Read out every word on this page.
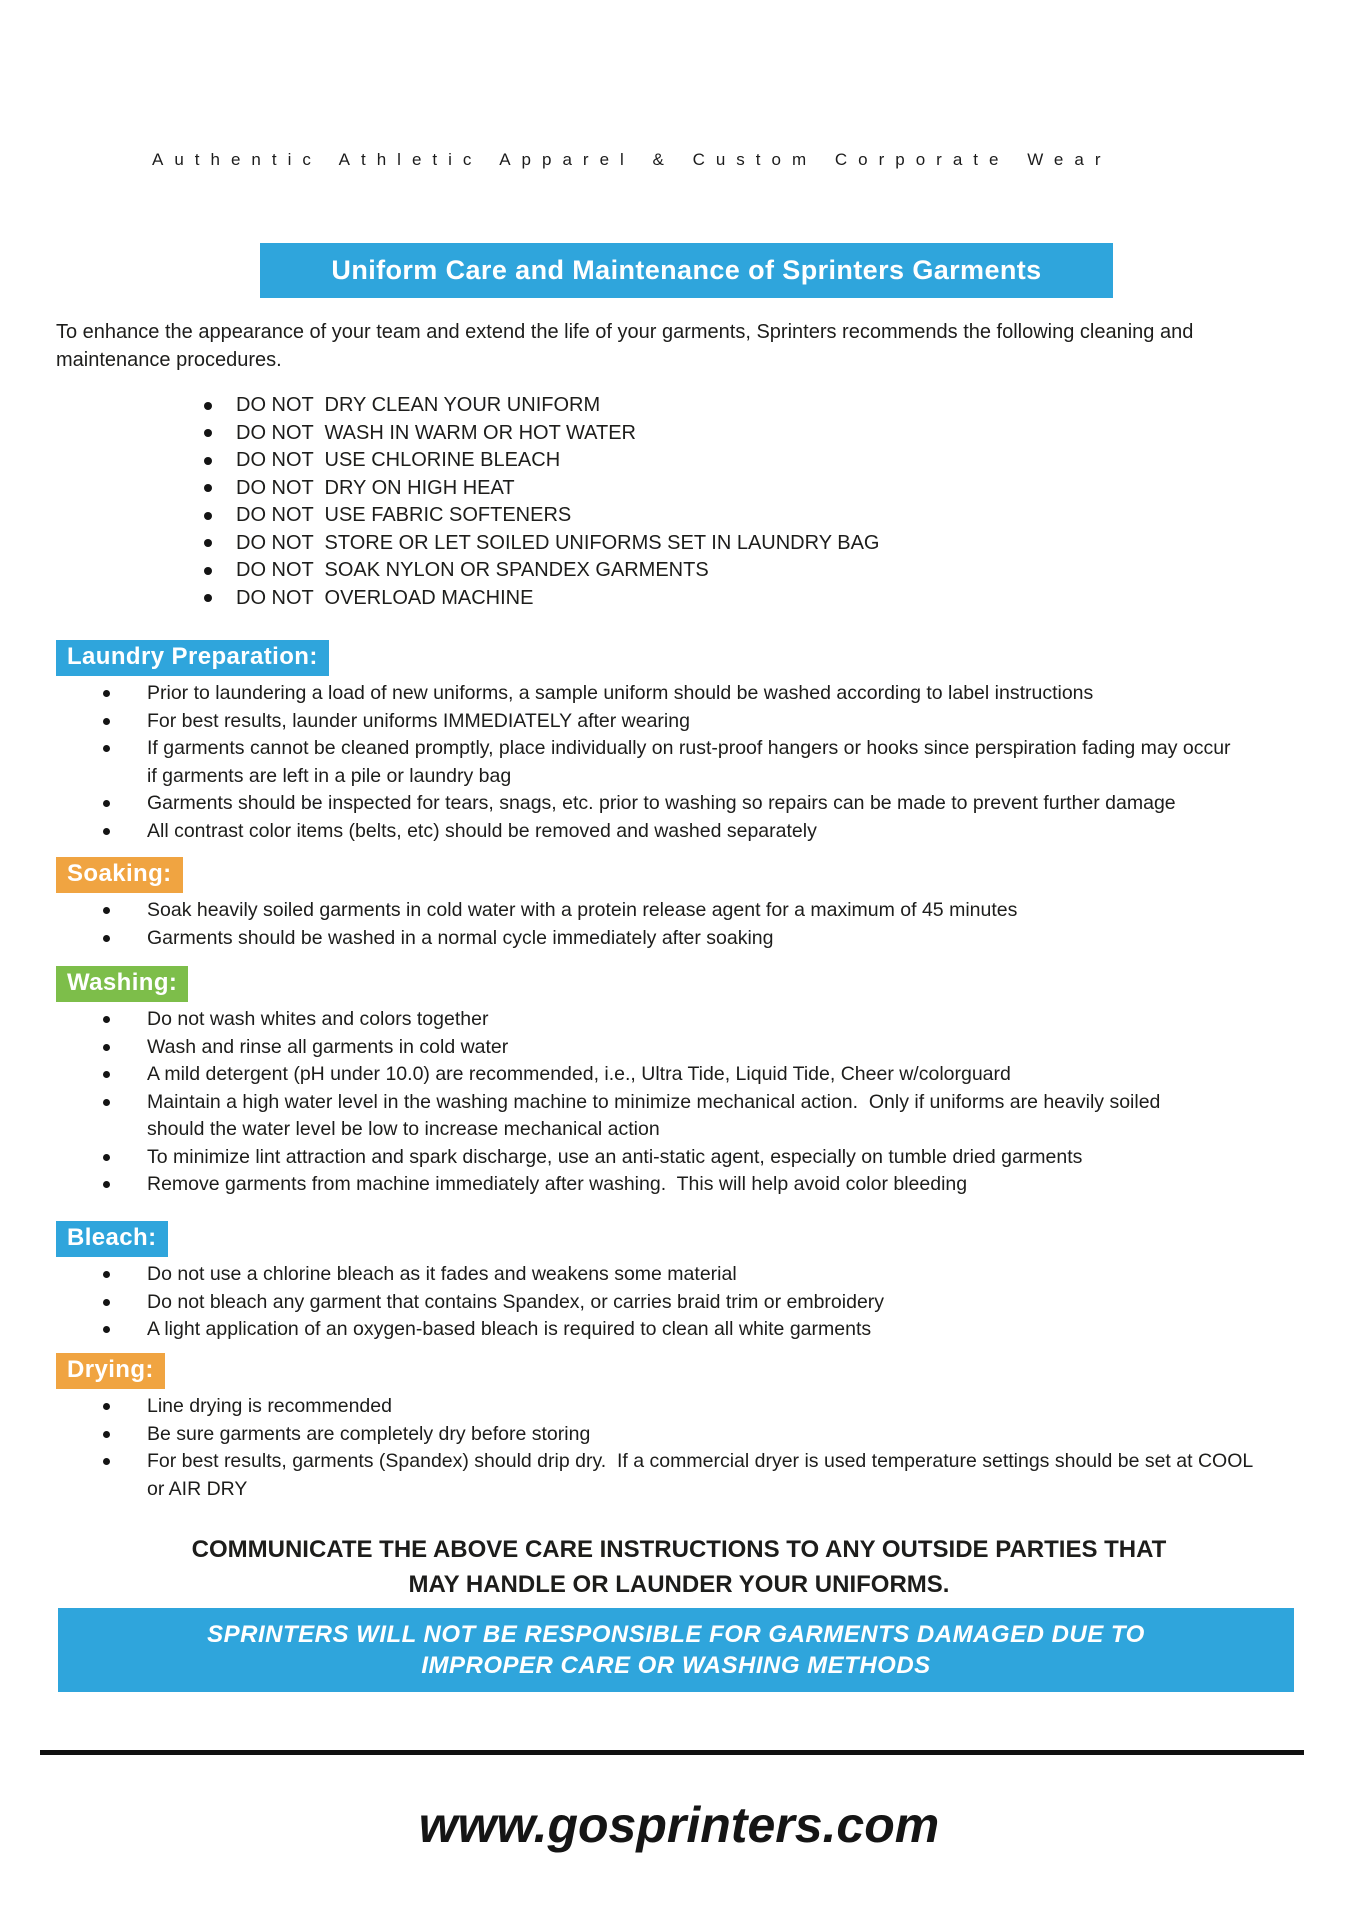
Authentic Athletic Apparel & Custom Corporate Wear
Uniform Care and Maintenance of Sprinters Garments
To enhance the appearance of your team and extend the life of your garments, Sprinters recommends the following cleaning and maintenance procedures.
DO NOT  DRY CLEAN YOUR UNIFORM
DO NOT  WASH IN WARM OR HOT WATER
DO NOT  USE CHLORINE BLEACH
DO NOT  DRY ON HIGH HEAT
DO NOT  USE FABRIC SOFTENERS
DO NOT  STORE OR LET SOILED UNIFORMS SET IN LAUNDRY BAG
DO NOT  SOAK NYLON OR SPANDEX GARMENTS
DO NOT  OVERLOAD MACHINE
Laundry Preparation:
Prior to laundering a load of new uniforms, a sample uniform should be washed according to label instructions
For best results, launder uniforms IMMEDIATELY after wearing
If garments cannot be cleaned promptly, place individually on rust-proof hangers or hooks since perspiration fading may occur if garments are left in a pile or laundry bag
Garments should be inspected for tears, snags, etc. prior to washing so repairs can be made to prevent further damage
All contrast color items (belts, etc) should be removed and washed separately
Soaking:
Soak heavily soiled garments in cold water with a protein release agent for a maximum of 45 minutes
Garments should be washed in a normal cycle immediately after soaking
Washing:
Do not wash whites and colors together
Wash and rinse all garments in cold water
A mild detergent (pH under 10.0) are recommended, i.e., Ultra Tide, Liquid Tide, Cheer w/colorguard
Maintain a high water level in the washing machine to minimize mechanical action.  Only if uniforms are heavily soiled should the water level be low to increase mechanical action
To minimize lint attraction and spark discharge, use an anti-static agent, especially on tumble dried garments
Remove garments from machine immediately after washing.  This will help avoid color bleeding
Bleach:
Do not use a chlorine bleach as it fades and weakens some material
Do not bleach any garment that contains Spandex, or carries braid trim or embroidery
A light application of an oxygen-based bleach is required to clean all white garments
Drying:
Line drying is recommended
Be sure garments are completely dry before storing
For best results, garments (Spandex) should drip dry.  If a commercial dryer is used temperature settings should be set at COOL or AIR DRY
COMMUNICATE THE ABOVE CARE INSTRUCTIONS TO ANY OUTSIDE PARTIES THAT
MAY HANDLE OR LAUNDER YOUR UNIFORMS.
SPRINTERS WILL NOT BE RESPONSIBLE FOR GARMENTS DAMAGED DUE TO
IMPROPER CARE OR WASHING METHODS
www.gosprinters.com
